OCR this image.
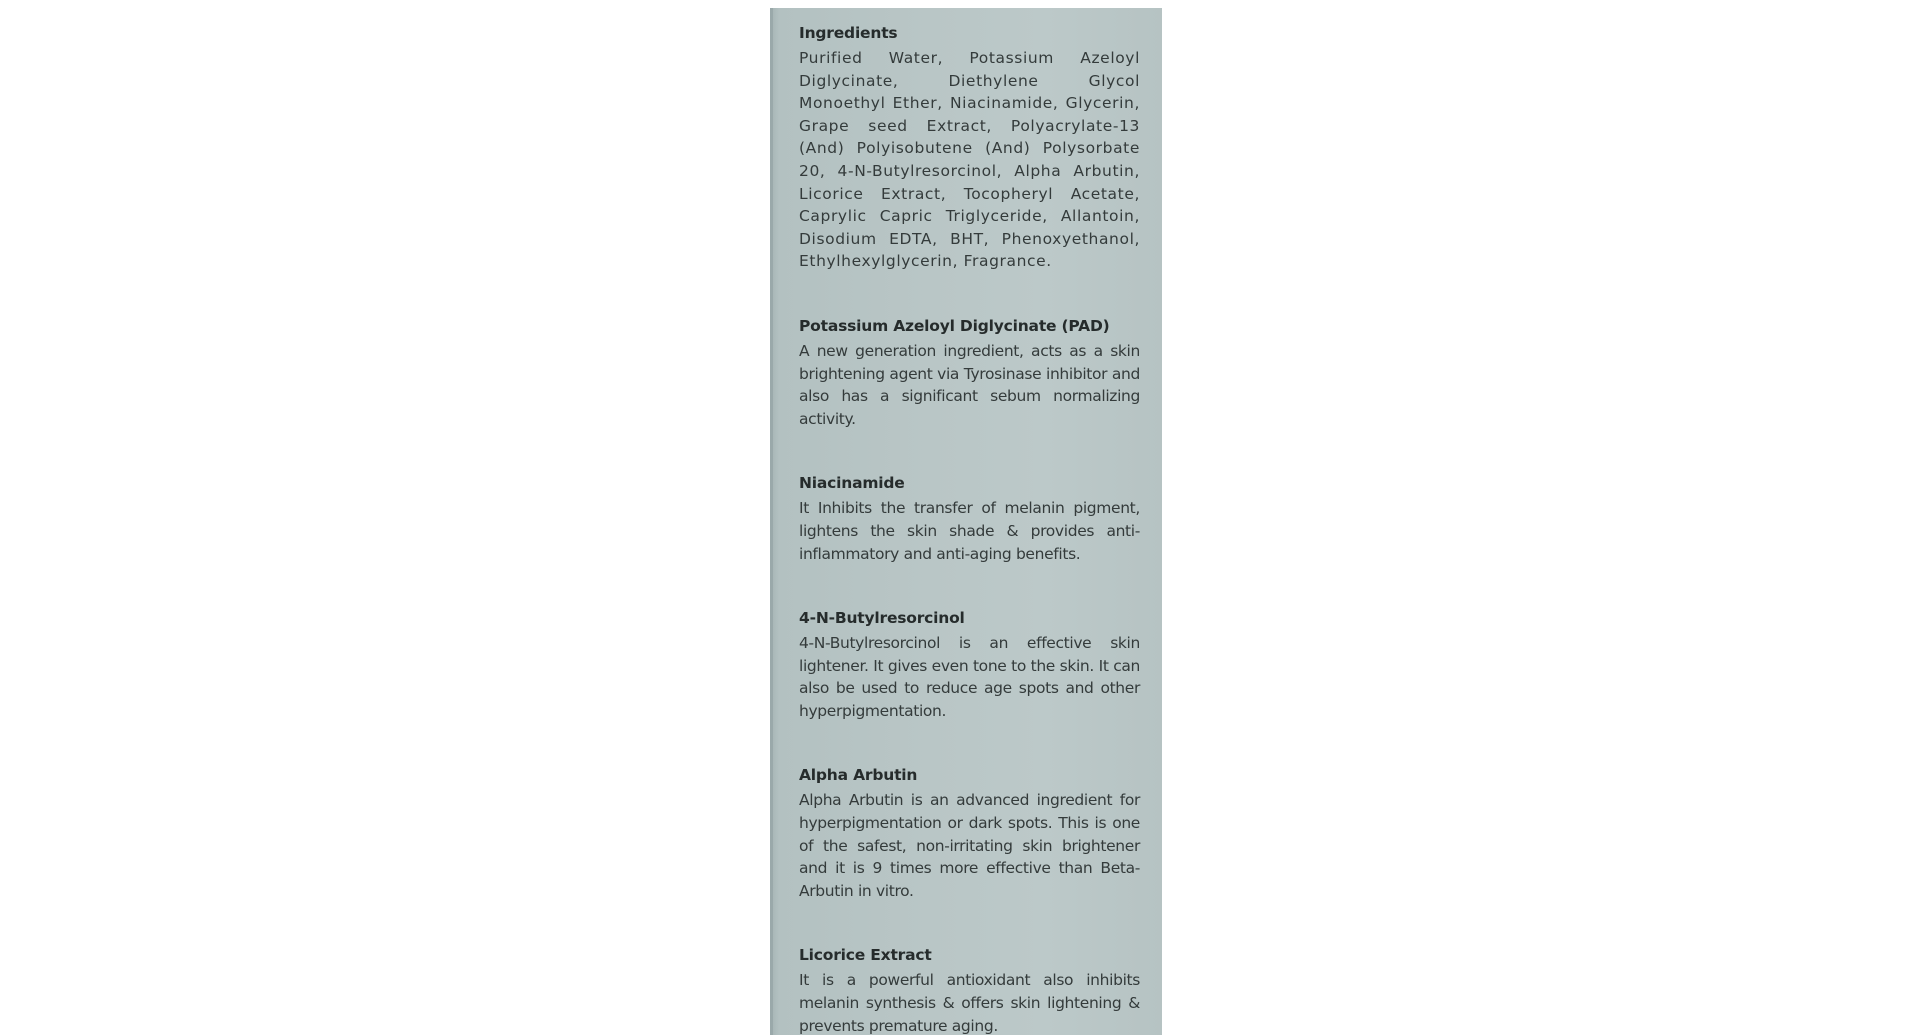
Ingredients

Purified Water, Potassium Azeloyl Diglycinate, Diethylene Glycol Monoethyl Ether, Niacinamide, Glycerin, Grape seed Extract, Polyacrylate-13 (And) Polyisobutene (And) Polysorbate 20, 4-N-Butylresorcinol, Alpha Arbutin, Licorice Extract, Tocopheryl Acetate, Caprylic Capric Triglyceride, Allantoin, Disodium EDTA, BHT, Phenoxyethanol, Ethylhexylglycerin, Fragrance.

Potassium Azeloyl Diglycinate (PAD)

A new generation ingredient, acts as a skin brightening agent via Tyrosinase inhibitor and also has a significant sebum normalizing activity.

Niacinamide

It Inhibits the transfer of melanin pigment, lightens the skin shade & provides anti-inflammatory and anti-aging benefits.

4-N-Butylresorcinol

4-N-Butylresorcinol is an effective skin lightener. It gives even tone to the skin. It can also be used to reduce age spots and other hyperpigmentation.

Alpha Arbutin

Alpha Arbutin is an advanced ingredient for hyperpigmentation or dark spots. This is one of the safest, non-irritating skin brightener and it is 9 times more effective than Beta-Arbutin in vitro.

Licorice Extract

It is a powerful antioxidant also inhibits melanin synthesis & offers skin lightening & prevents premature aging.
